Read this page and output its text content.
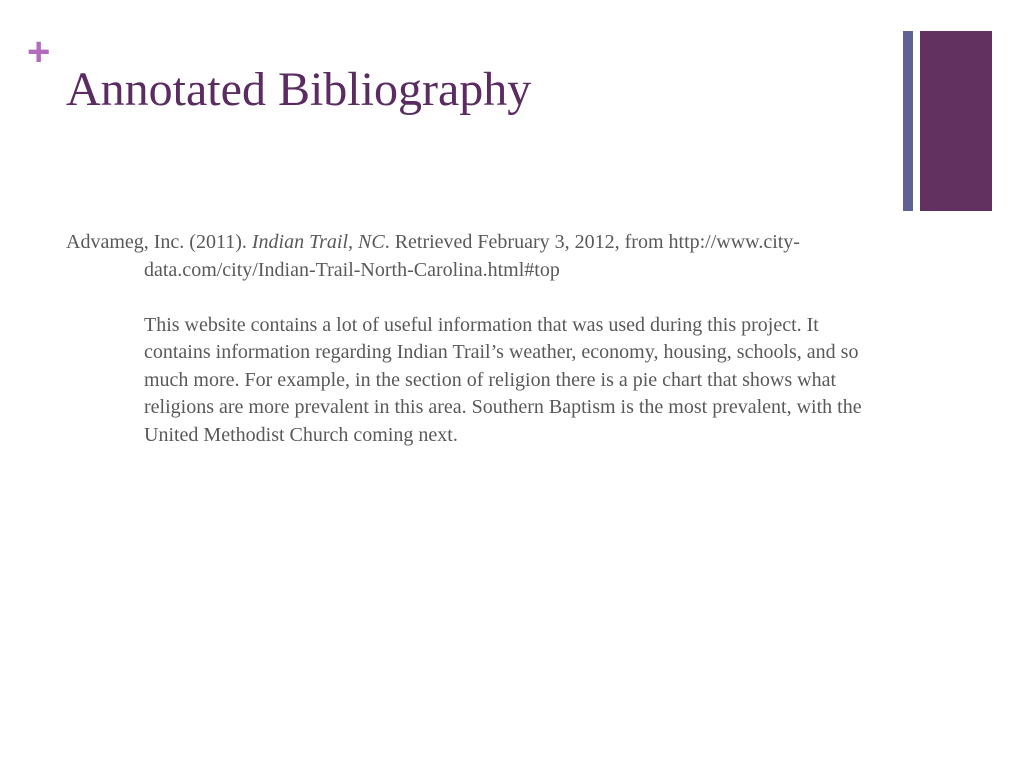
+
Annotated Bibliography

Advameg, Inc. (2011). Indian Trail, NC. Retrieved February 3, 2012, from http://www.city-data.com/city/Indian-Trail-North-Carolina.html#top

This website contains a lot of useful information that was used during this project. It contains information regarding Indian Trail’s weather, economy, housing, schools, and so much more. For example, in the section of religion there is a pie chart that shows what religions are more prevalent in this area. Southern Baptism is the most prevalent, with the United Methodist Church coming next.
